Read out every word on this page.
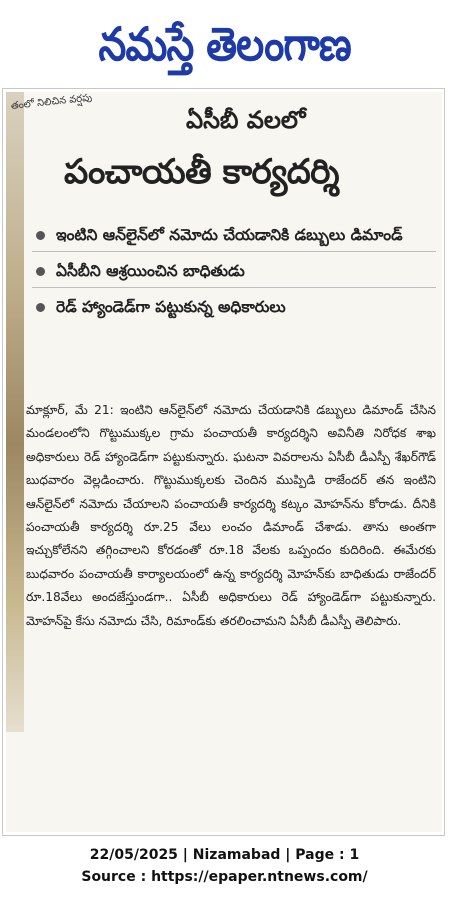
నమస్తే తెలంగాణ
తంలో నిలిచిన వర్షపు
ఏసీబీ వలలో
పంచాయతీ కార్యదర్శి
ఇంటిని ఆన్‌లైన్‌లో నమోదు చేయడానికి డబ్బులు డిమాండ్
ఏసీబీని ఆశ్రయించిన బాధితుడు
రెడ్ హ్యాండెడ్‌గా పట్టుకున్న అధికారులు
మాక్లూర్, మే 21: ఇంటిని ఆన్‌లైన్‌లో నమోదు చేయడానికి డబ్బులు డిమాండ్ చేసిన మండలంలోని గొట్టుముక్కల గ్రామ పంచాయతీ కార్యదర్శిని అవినీతి నిరోధక శాఖ అధికారులు రెడ్ హ్యాండెడ్‌గా పట్టుకున్నారు. ఘటనా వివరాలను ఏసీబీ డీఎస్పీ శేఖర్‌గౌడ్ బుధవారం వెల్లడించారు. గొట్టుముక్కలకు చెందిన ముప్పిడి రాజేందర్ తన ఇంటిని ఆన్‌లైన్‌లో నమోదు చేయాలని పంచాయతీ కార్యదర్శి కట్కం మోహన్‌ను కోరాడు. దీనికి పంచాయతీ కార్యదర్శి రూ.25 వేలు లంచం డిమాండ్ చేశాడు. తాను అంతగా ఇచ్చుకోలేనని తగ్గించాలని కోరడంతో రూ.18 వేలకు ఒప్పందం కుదిరింది. ఈమేరకు బుధవారం పంచాయతీ కార్యాలయంలో ఉన్న కార్యదర్శి మోహన్‌కు బాధితుడు రాజేందర్ రూ.18వేలు అందజేస్తుండగా.. ఏసీబీ అధికారులు రెడ్ హ్యాండెడ్‌గా పట్టుకున్నారు. మోహన్‌పై కేసు నమోదు చేసి, రిమాండ్‌కు తరలించామని ఏసీబీ డీఎస్పీ తెలిపారు.
22/05/2025 | Nizamabad | Page : 1
Source : https://epaper.ntnews.com/
